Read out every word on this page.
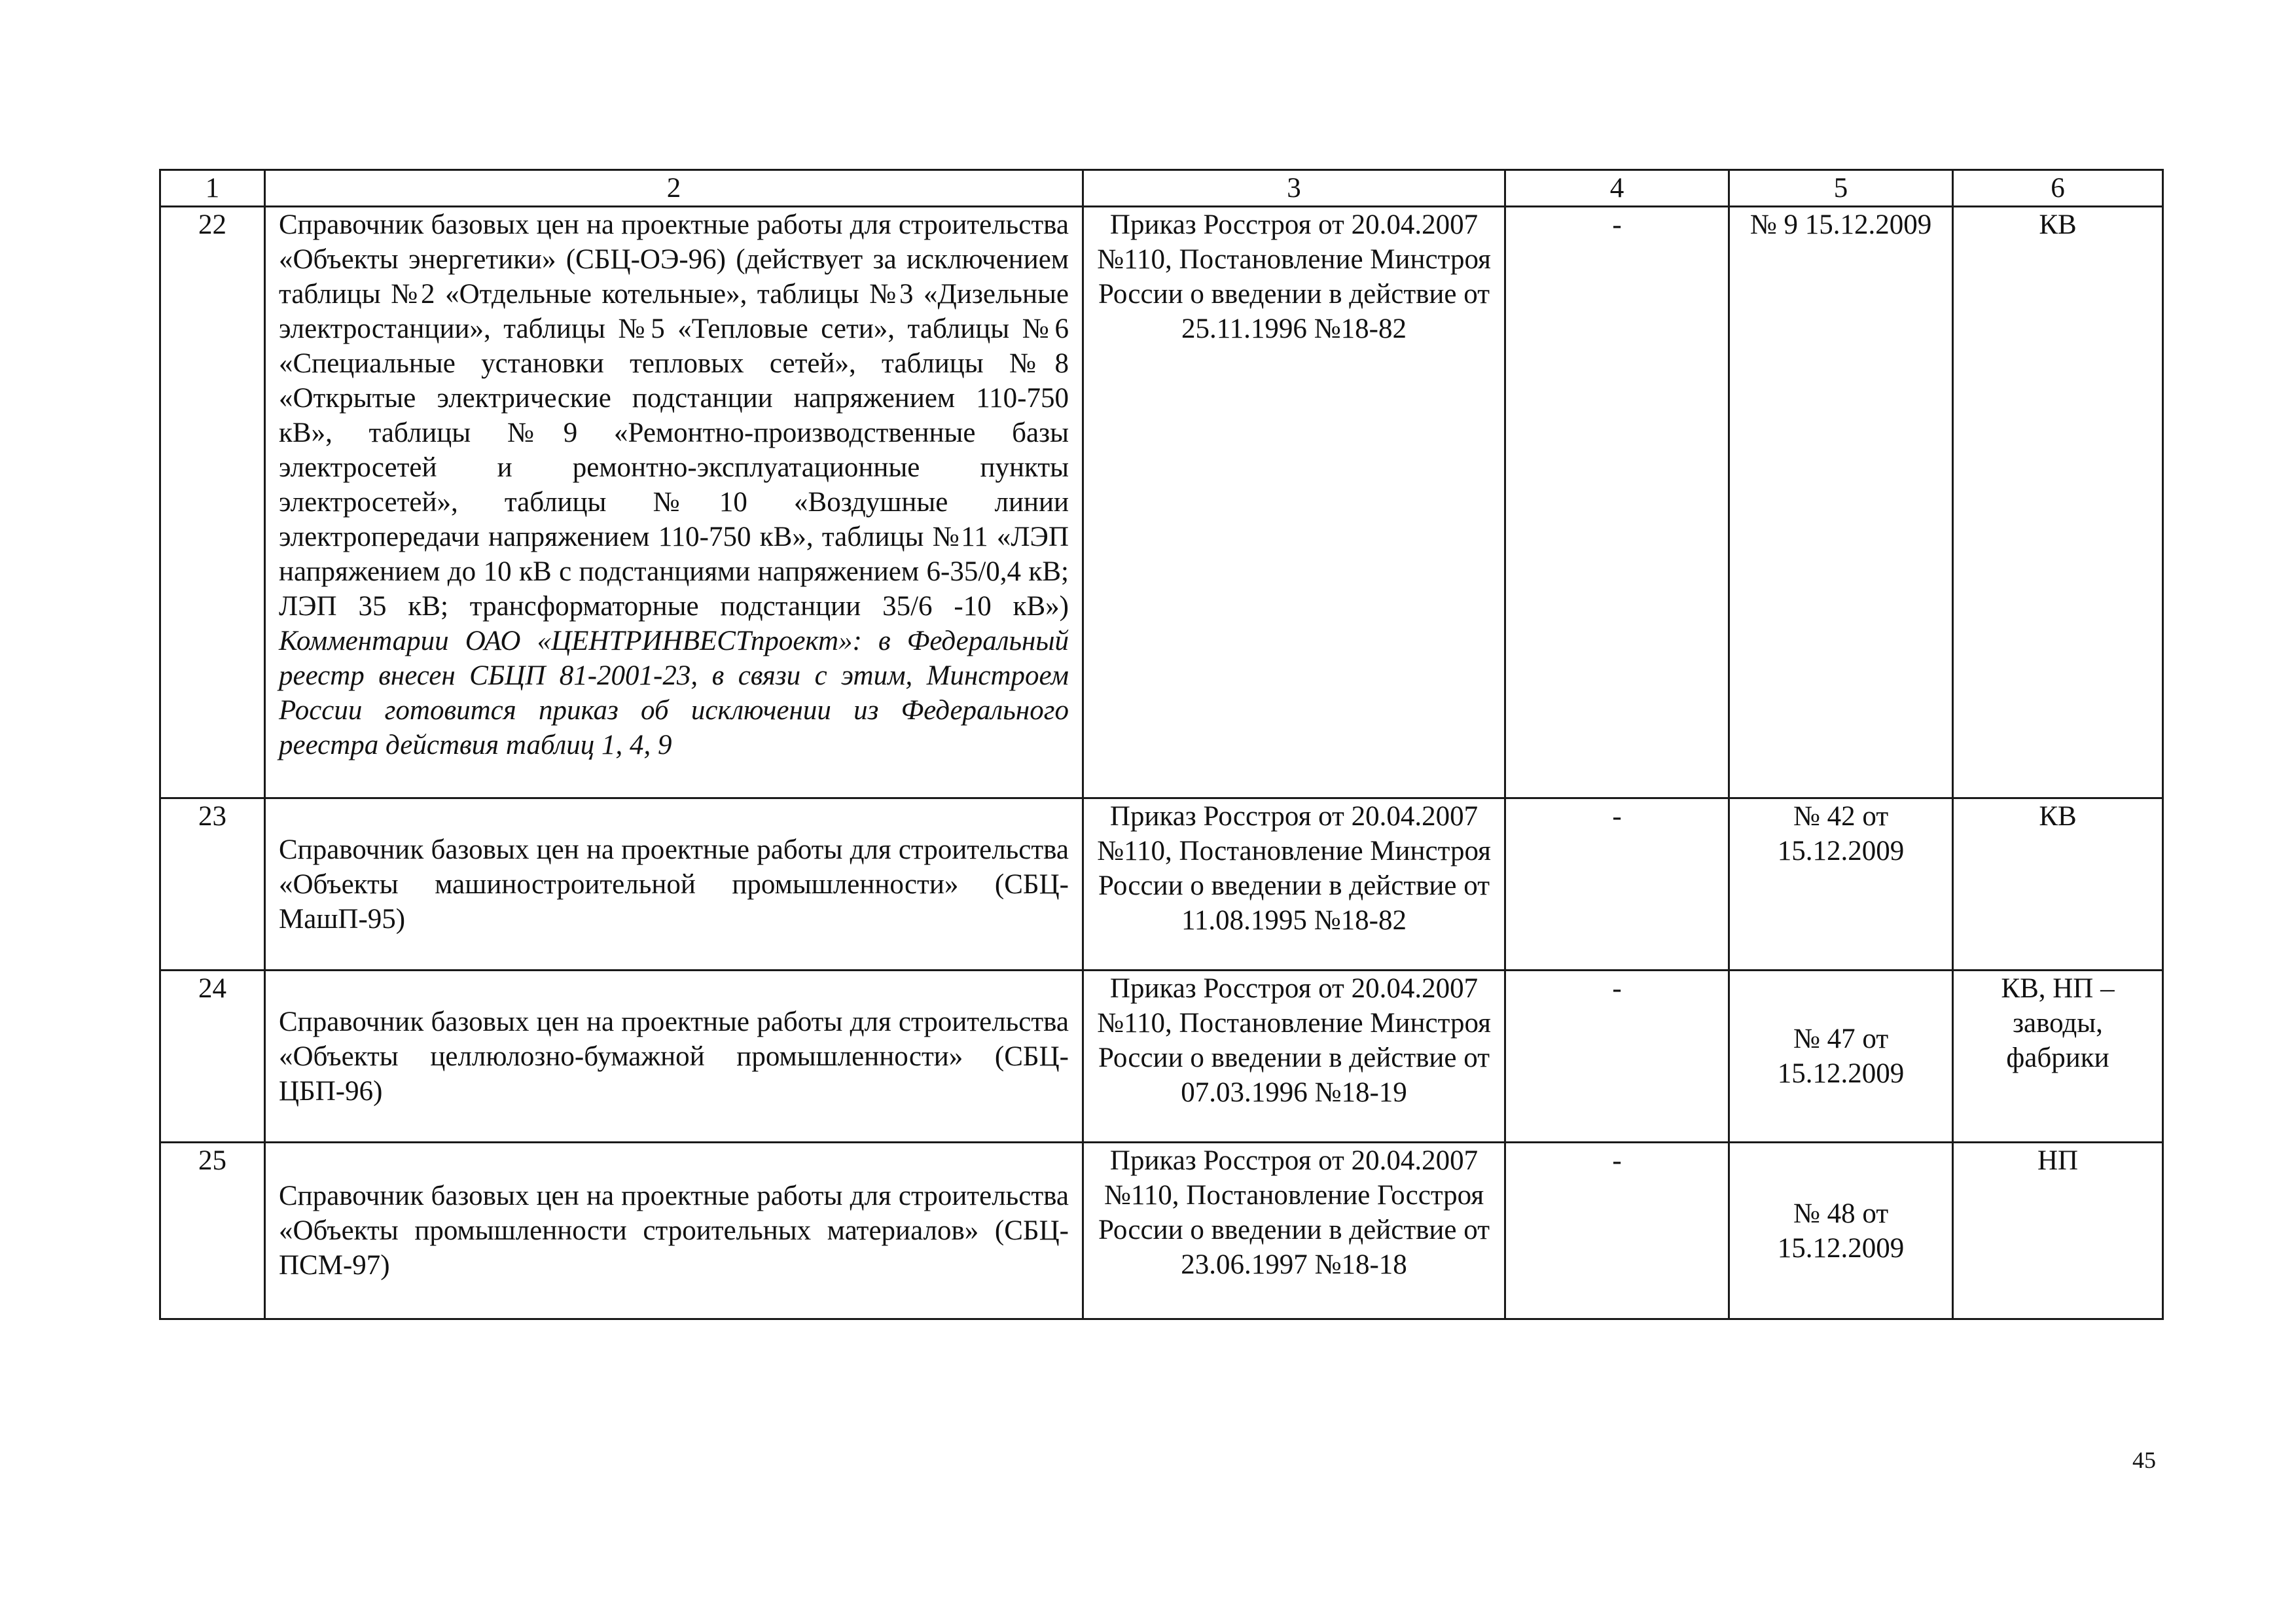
1	2	3	4	5	6
22	Справочник базовых цен на проектные работы для строительства «Объекты энергетики» (СБЦ-ОЭ-96) (действует за исключением таблицы №2 «Отдельные котельные», таблицы №3 «Дизельные электростанции», таблицы №5 «Тепловые сети», таблицы №6 «Специальные установки тепловых сетей», таблицы №8 «Открытые электрические подстанции напряжением 110-750 кВ», таблицы №9 «Ремонтно-производственные базы электросетей и ремонтно-эксплуатационные пункты электросетей», таблицы №10 «Воздушные линии электропередачи напряжением 110-750 кВ», таблицы №11 «ЛЭП напряжением до 10 кВ с подстанциями напряжением 6-35/0,4 кВ; ЛЭП 35 кВ; трансформаторные подстанции 35/6 -10 кВ») Комментарии ОАО «ЦЕНТРИНВЕСТпроект»: в Федеральный реестр внесен СБЦП 81-2001-23, в связи с этим, Минстроем России готовится приказ об исключении из Федерального реестра действия таблиц 1, 4, 9	Приказ Росстроя от 20.04.2007 №110, Постановление Минстроя России о введении в действие от 25.11.1996 №18-82	-	№ 9 15.12.2009	КВ
23	Справочник базовых цен на проектные работы для строительства «Объекты машиностроительной промышленности» (СБЦ-МашП-95)	Приказ Росстроя от 20.04.2007 №110, Постановление Минстроя России о введении в действие от 11.08.1995 №18-82	-	№ 42 от 15.12.2009	КВ
24	Справочник базовых цен на проектные работы для строительства «Объекты целлюлозно-бумажной промышленности» (СБЦ-ЦБП-96)	Приказ Росстроя от 20.04.2007 №110, Постановление Минстроя России о введении в действие от 07.03.1996 №18-19	-	№ 47 от 15.12.2009	КВ, НП – заводы, фабрики
25	Справочник базовых цен на проектные работы для строительства «Объекты промышленности строительных материалов» (СБЦ-ПСМ-97)	Приказ Росстроя от 20.04.2007 №110, Постановление Госстроя России о введении в действие от 23.06.1997 №18-18	-	№ 48 от 15.12.2009	НП
45
